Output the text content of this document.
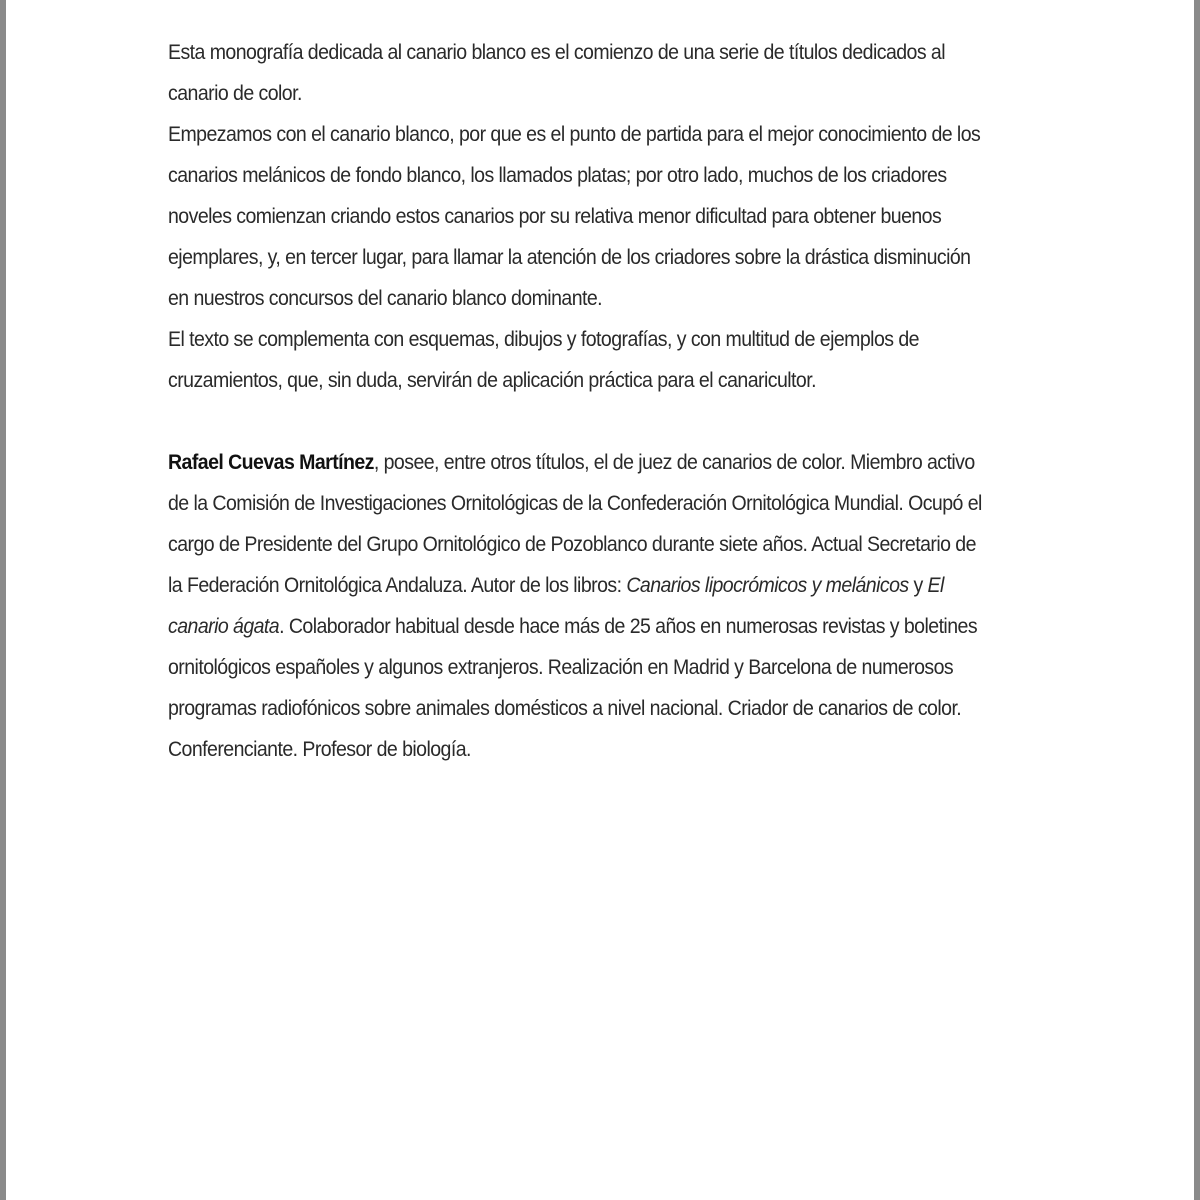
Esta monografía dedicada al canario blanco es el comienzo de una serie de títulos dedicados al canario de color.

Empezamos con el canario blanco, por que es el punto de partida para el mejor conocimiento de los canarios melánicos de fondo blanco, los llamados platas; por otro lado, muchos de los criadores noveles comienzan criando estos canarios por su relativa menor dificultad para obtener buenos ejemplares, y, en tercer lugar, para llamar la atención de los criadores sobre la drástica disminución en nuestros concursos del canario blanco dominante.

El texto se complementa con esquemas, dibujos y fotografías, y con multitud de ejemplos de cruzamientos, que, sin duda, servirán de aplicación práctica para el canaricultor.

Rafael Cuevas Martínez, posee, entre otros títulos, el de juez de canarios de color. Miembro activo de la Comisión de Investigaciones Ornitológicas de la Confederación Ornitológica Mundial. Ocupó el cargo de Presidente del Grupo Ornitológico de Pozoblanco durante siete años. Actual Secretario de la Federación Ornitológica Andaluza. Autor de los libros: Canarios lipocrómicos y melánicos y El canario ágata. Colaborador habitual desde hace más de 25 años en numerosas revistas y boletines ornitológicos españoles y algunos extranjeros. Realización en Madrid y Barcelona de numerosos programas radiofónicos sobre animales domésticos a nivel nacional. Criador de canarios de color. Conferenciante. Profesor de biología.
